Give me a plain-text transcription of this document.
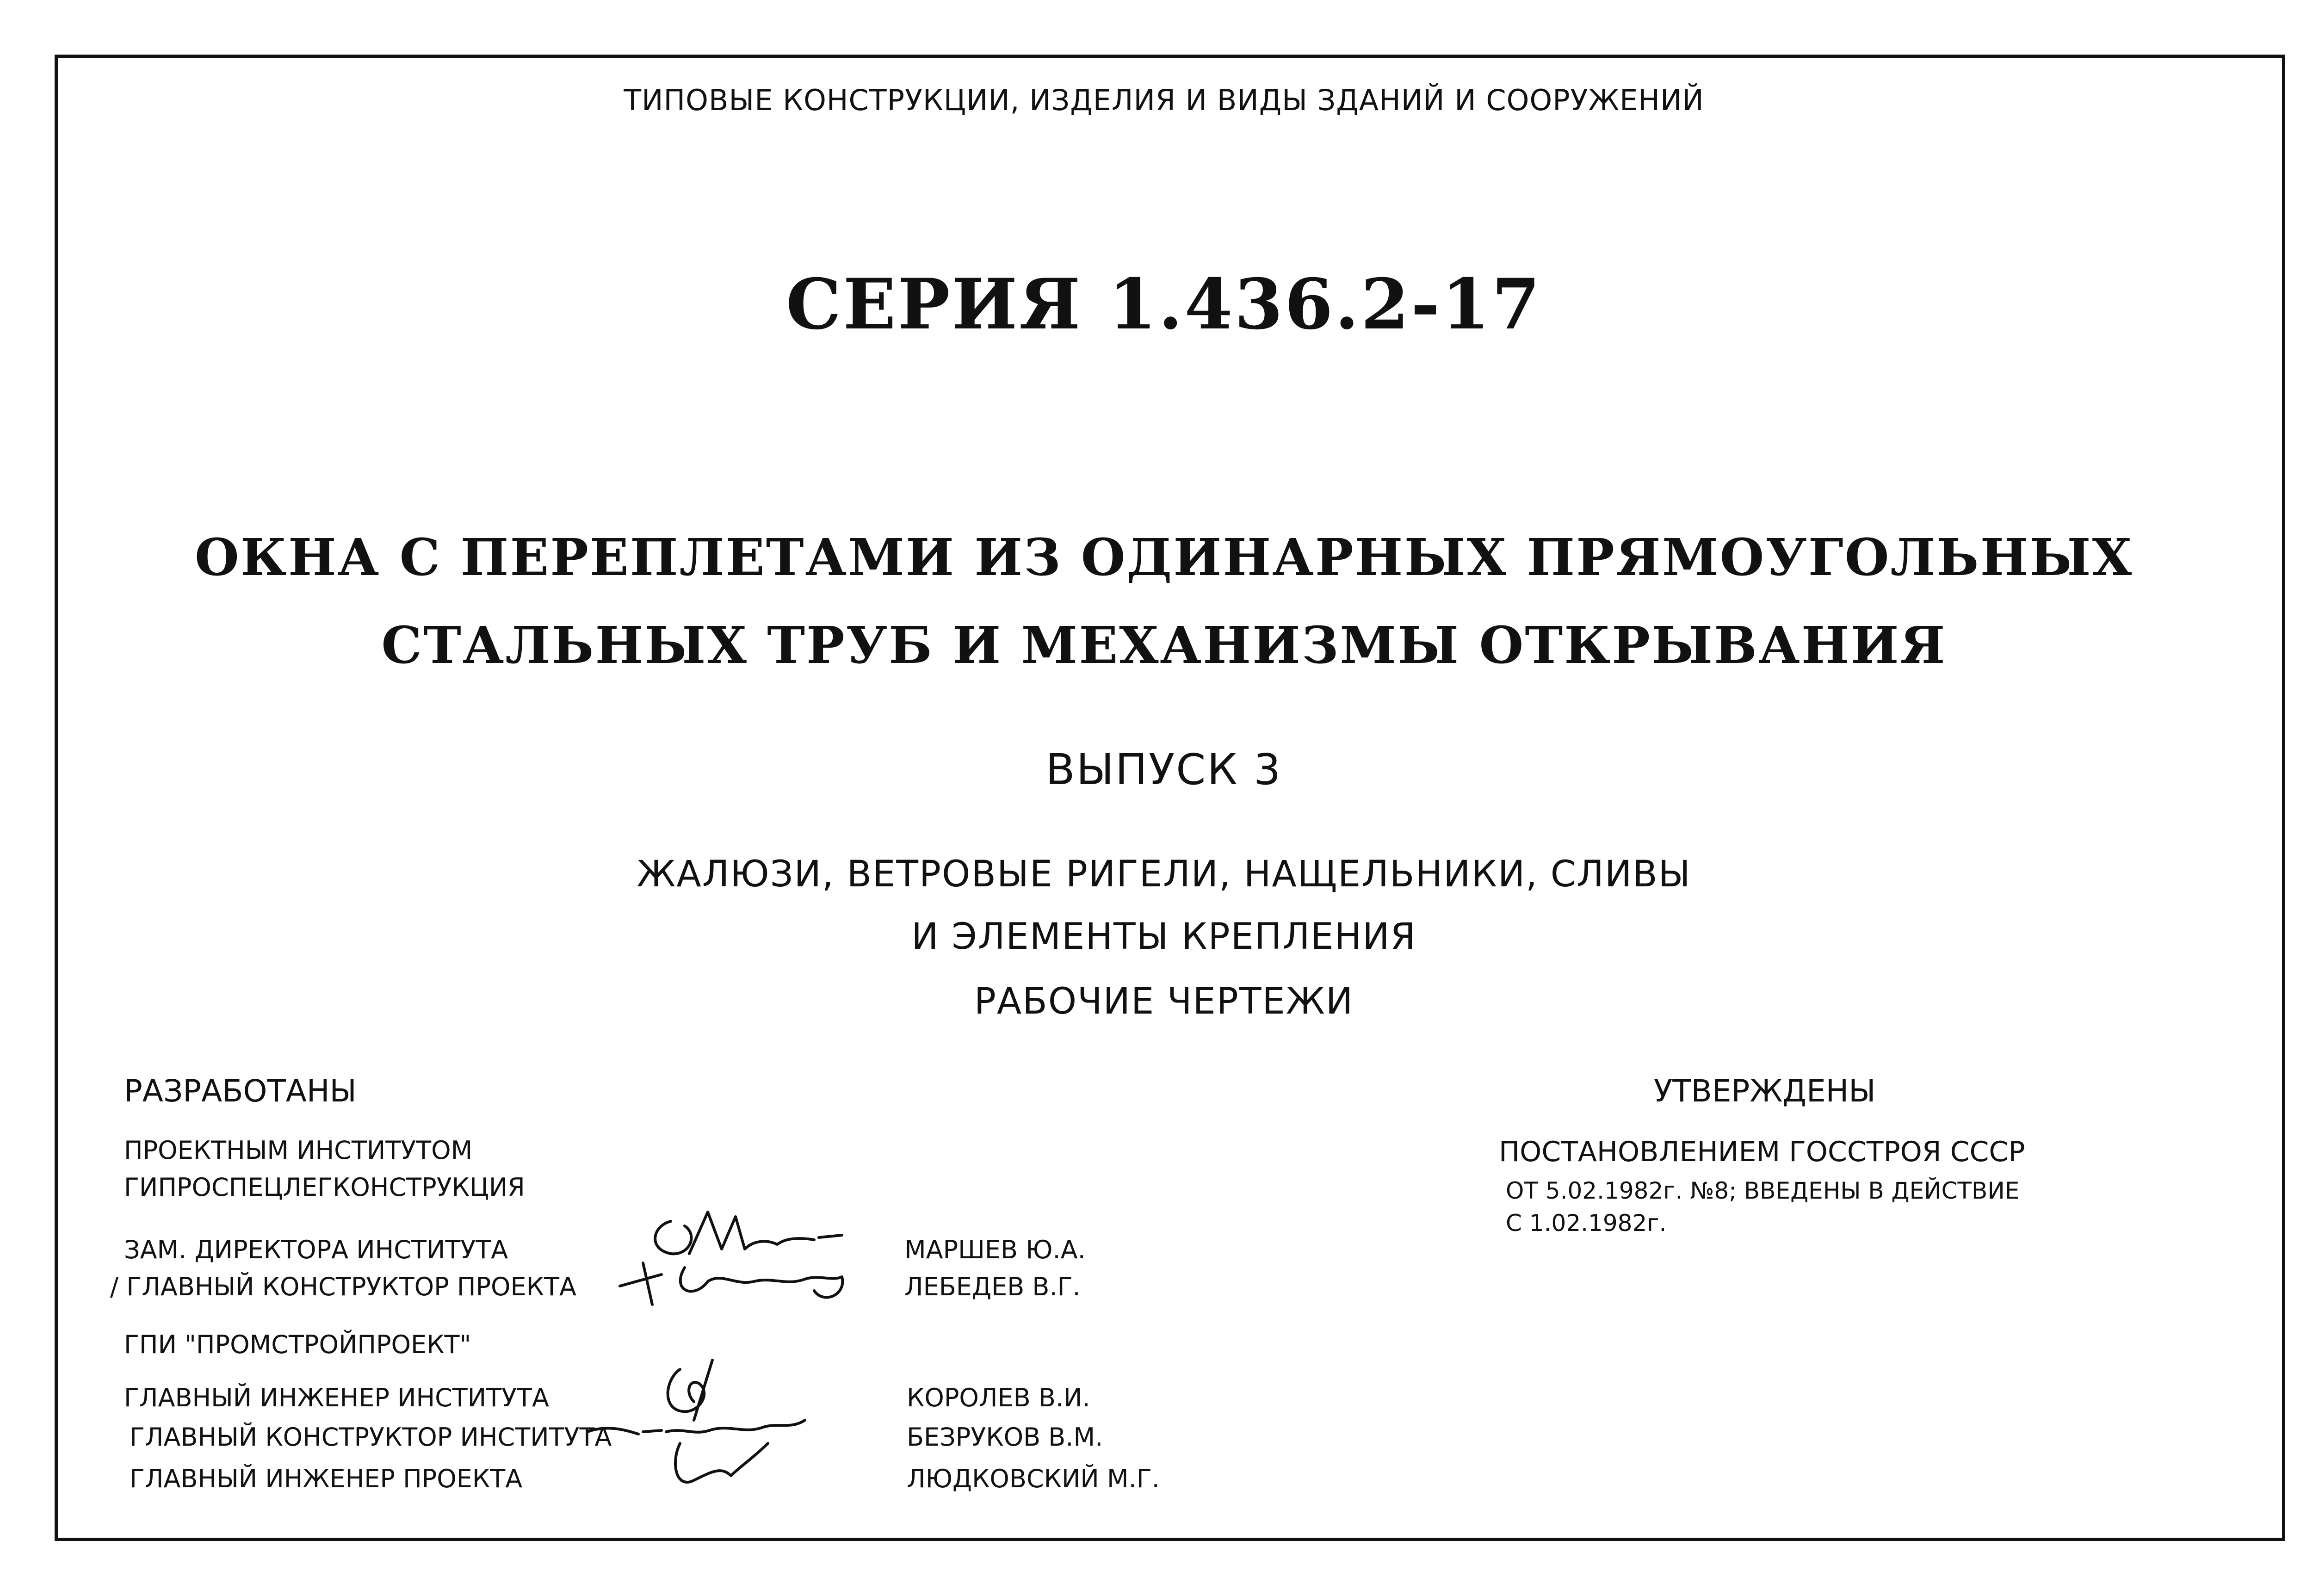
ТИПОВЫЕ КОНСТРУКЦИИ, ИЗДЕЛИЯ И ВИДЫ ЗДАНИЙ И СООРУЖЕНИЙ
СЕРИЯ 1.436.2-17
ОКНА С ПЕРЕПЛЕТАМИ ИЗ ОДИНАРНЫХ ПРЯМОУГОЛЬНЫХ
СТАЛЬНЫХ ТРУБ И МЕХАНИЗМЫ ОТКРЫВАНИЯ
ВЫПУСК 3
ЖАЛЮЗИ, ВЕТРОВЫЕ РИГЕЛИ, НАЩЕЛЬНИКИ, СЛИВЫ
И ЭЛЕМЕНТЫ КРЕПЛЕНИЯ
РАБОЧИЕ ЧЕРТЕЖИ
РАЗРАБОТАНЫ
ПРОЕКТНЫМ ИНСТИТУТОМ
ГИПРОСПЕЦЛЕГКОНСТРУКЦИЯ
ЗАМ. ДИРЕКТОРА ИНСТИТУТА
/ ГЛАВНЫЙ КОНСТРУКТОР ПРОЕКТА
МАРШЕВ Ю.А.
ЛЕБЕДЕВ В.Г.
ГПИ "ПРОМСТРОЙПРОЕКТ"
ГЛАВНЫЙ ИНЖЕНЕР ИНСТИТУТА
ГЛАВНЫЙ КОНСТРУКТОР ИНСТИТУТА
ГЛАВНЫЙ ИНЖЕНЕР ПРОЕКТА
КОРОЛЕВ В.И.
БЕЗРУКОВ В.М.
ЛЮДКОВСКИЙ М.Г.
УТВЕРЖДЕНЫ
ПОСТАНОВЛЕНИЕМ ГОССТРОЯ СССР
ОТ 5.02.1982г. №8; ВВЕДЕНЫ В ДЕЙСТВИЕ
С 1.02.1982г.
